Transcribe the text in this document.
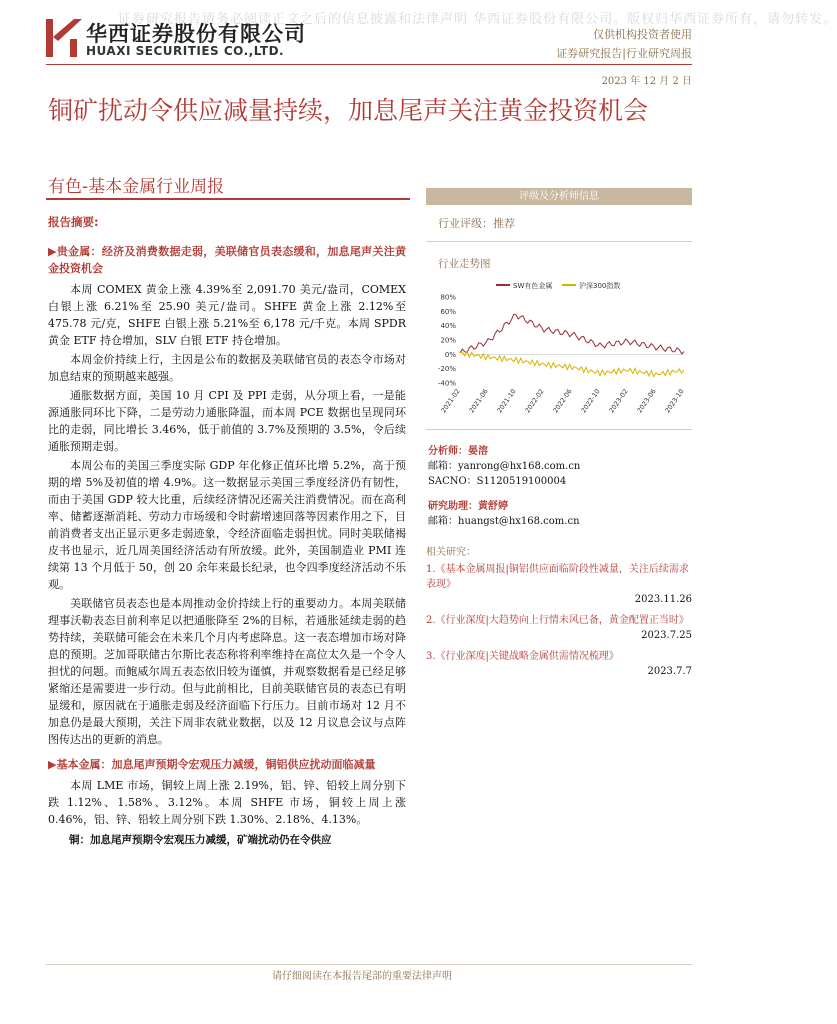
证券研究报告请务必阅读正文之后的信息披露和法律声明 华西证券股份有限公司。版权归华西证券所有，请勿转发。
华西证券股份有限公司
HUAXI SECURITIES CO.,LTD.
仅供机构投资者使用
证券研究报告|行业研究周报
2023 年 12 月 2 日
铜矿扰动令供应减量持续，加息尾声关注黄金投资机会
有色-基本金属行业周报
报告摘要:
▶贵金属：经济及消费数据走弱，美联储官员表态缓和，加息尾声关注黄金投资机会

本周 COMEX 黄金上涨 4.39%至 2,091.70 美元/盎司，COMEX 白银上涨 6.21%至 25.90 美元/盎司。SHFE 黄金上涨 2.12%至 475.78 元/克，SHFE 白银上涨 5.21%至 6,178 元/千克。本周 SPDR 黄金 ETF 持仓增加，SLV 白银 ETF 持仓增加。

本周金价持续上行，主因是公布的数据及美联储官员的表态令市场对加息结束的预期越来越强。

通胀数据方面，美国 10 月 CPI 及 PPI 走弱，从分项上看，一是能源通胀同环比下降，二是劳动力通胀降温，而本周 PCE 数据也呈现同环比的走弱，同比增长 3.46%，低于前值的 3.7%及预期的 3.5%，令后续通胀预期走弱。

本周公布的美国三季度实际 GDP 年化修正值环比增 5.2%，高于预期的增 5%及初值的增 4.9%。这一数据显示美国三季度经济仍有韧性，而由于美国 GDP 较大比重，后续经济情况还需关注消费情况。而在高利率、储蓄逐渐消耗、劳动力市场缓和令时薪增速回落等因素作用之下，目前消费者支出正显示更多走弱迹象，令经济面临走弱担忧。同时美联储褐皮书也显示，近几周美国经济活动有所放缓。此外，美国制造业 PMI 连续第 13 个月低于 50，创 20 余年来最长纪录，也令四季度经济活动不乐观。

美联储官员表态也是本周推动金价持续上行的重要动力。本周美联储理事沃勒表态目前利率足以把通胀降至 2%的目标，若通胀延续走弱的趋势持续，美联储可能会在未来几个月内考虑降息。这一表态增加市场对降息的预期。芝加哥联储古尔斯比表态称将利率维持在高位太久是一个令人担忧的问题。而鲍威尔周五表态依旧较为谨慎，并观察数据看是已经足够紧缩还是需要进一步行动。但与此前相比，目前美联储官员的表态已有明显缓和，原因就在于通胀走弱及经济面临下行压力。目前市场对 12 月不加息仍是最大预期，关注下周非农就业数据，以及 12 月议息会议与点阵图传达出的更新的消息。

▶基本金属：加息尾声预期令宏观压力减缓，铜铝供应扰动面临减量

本周 LME 市场，铜较上周上涨 2.19%，铝、锌、铅较上周分别下跌 1.12%、1.58%、3.12%。本周 SHFE 市场，铜较上周上涨 0.46%，铝、锌、铅较上周分别下跌 1.30%、2.18%、4.13%。

铜：加息尾声预期令宏观压力减缓，矿端扰动仍在令供应
评级及分析师信息
行业评级：推荐
行业走势图
SW有色金属	沪深300指数
80%
60%
40%
20%
0%
-20%
-40%
2021-02 2021-06 2021-10 2022-02 2022-06 2022-10 2023-02 2023-06 2023-10
分析师：晏溶
邮箱：yanrong@hx168.com.cn
SACNO：S1120519100004
研究助理：黄舒婷
邮箱：huangst@hx168.com.cn
相关研究：
1.《基本金属周报|铜铝供应面临阶段性减量，关注后续需求表现》
2023.11.26
2.《行业深度|大趋势向上行情未风已备，黄金配置正当时》
2023.7.25
3.《行业深度|关键战略金属供需情况梳理》
2023.7.7
请仔细阅读在本报告尾部的重要法律声明
